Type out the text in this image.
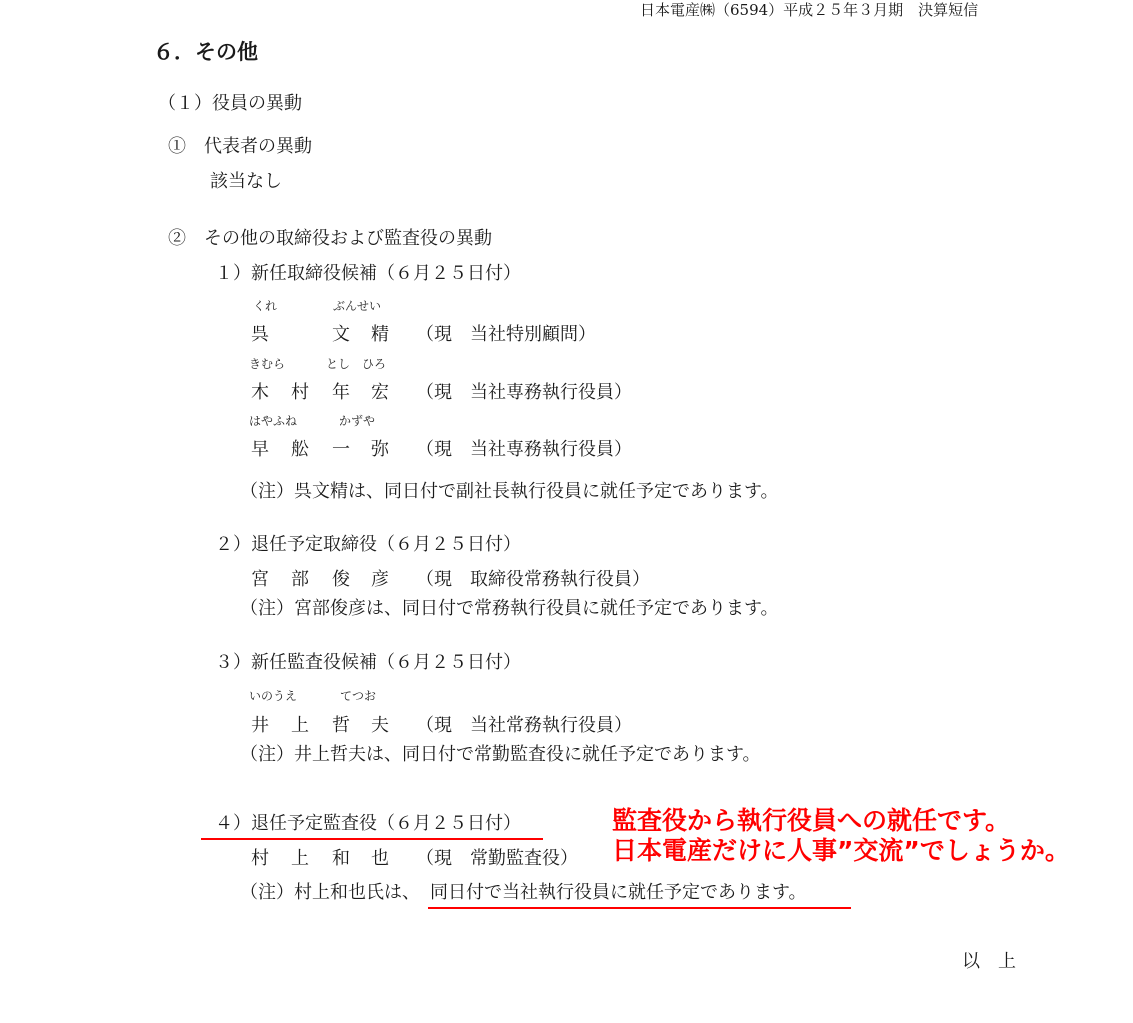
日本電産㈱（6594）平成２５年３月期　決算短信
６．その他
（１）役員の異動
①　代表者の異動
該当なし
②　その他の取締役および監査役の異動
１）新任取締役候補（６月２５日付）
くれ	ぶんせい
呉	文 精 （現　当社特別顧問）
きむら	とし ひろ
木 村 年 宏 （現　当社専務執行役員）
はやふね	かずや
早 舩 一 弥 （現　当社専務執行役員）
（注）呉文精は、同日付で副社長執行役員に就任予定であります。
２）退任予定取締役（６月２５日付）
宮 部 俊 彦 （現　取締役常務執行役員）
（注）宮部俊彦は、同日付で常務執行役員に就任予定であります。
３）新任監査役候補（６月２５日付）
いのうえ	てつお
井 上 哲 夫 （現　当社常務執行役員）
（注）井上哲夫は、同日付で常勤監査役に就任予定であります。
４）退任予定監査役（６月２５日付）
村 上 和 也 （現　常勤監査役）
（注）村上和也氏は、 同日付で当社執行役員に就任予定であります。
監査役から執行役員への就任です。
日本電産だけに人事”交流”でしょうか。
以　上
